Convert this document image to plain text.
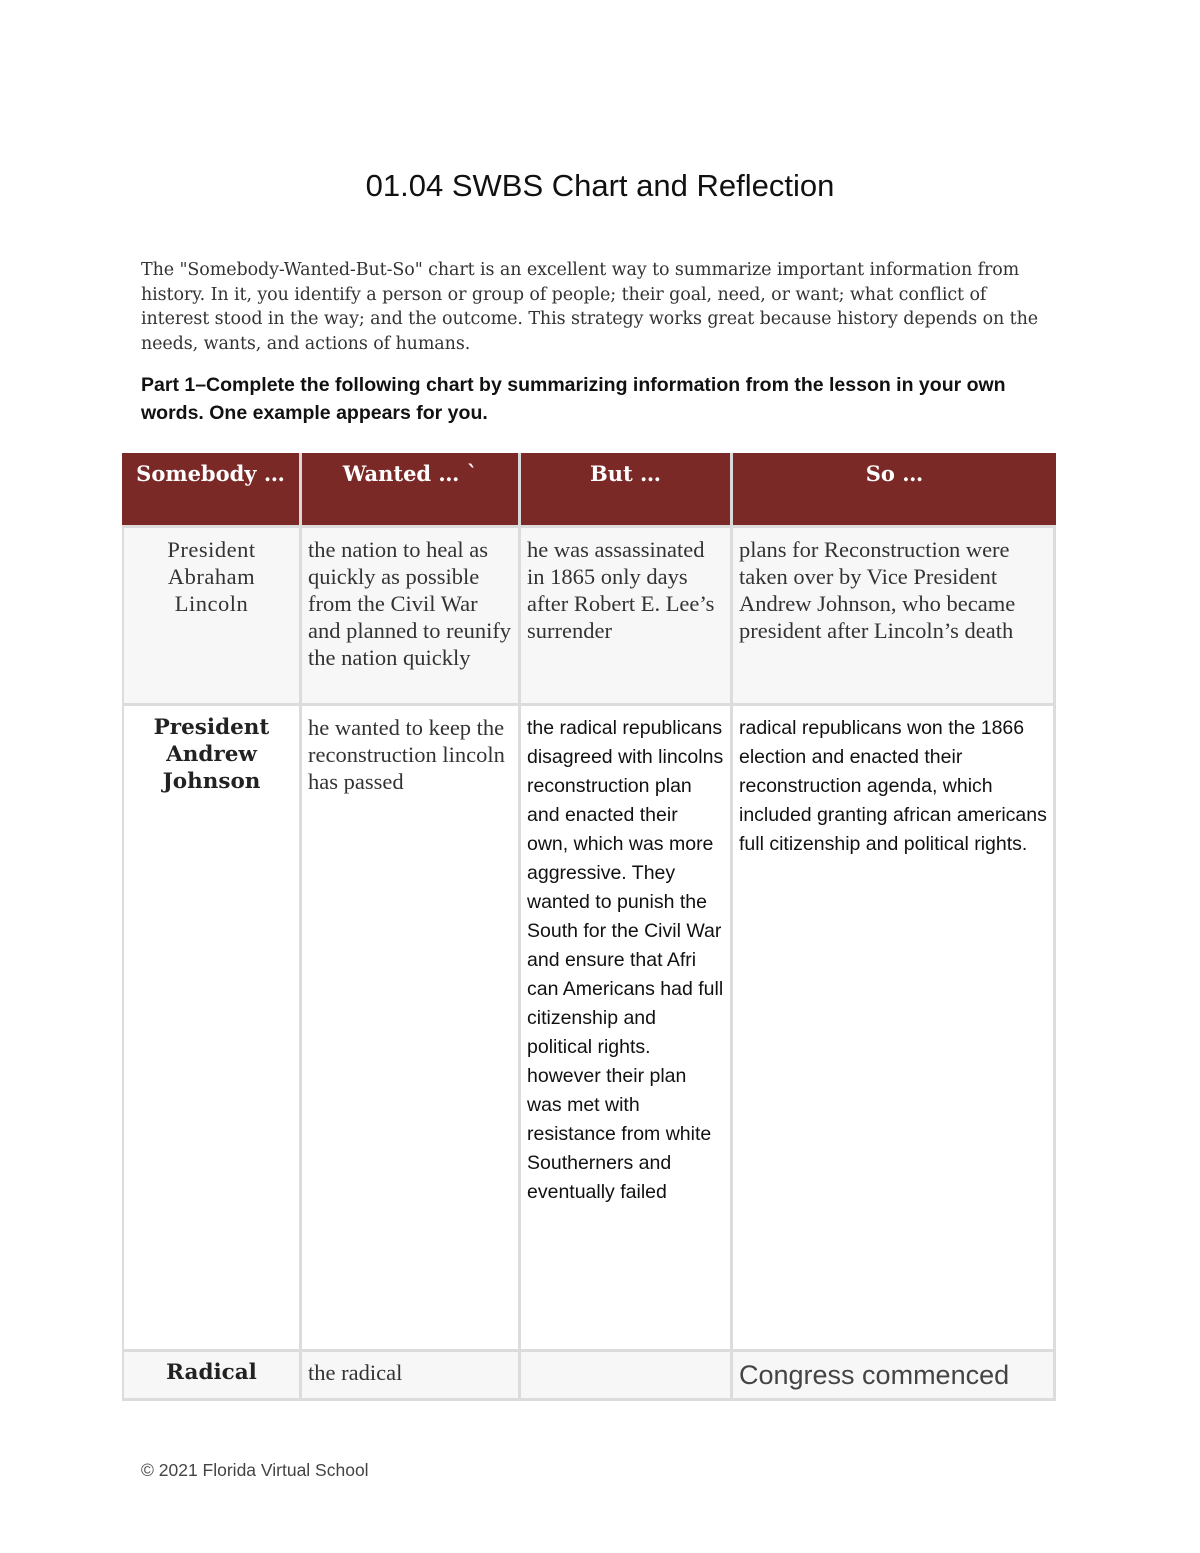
01.04 SWBS Chart and Reflection
The "Somebody-Wanted-But-So" chart is an excellent way to summarize important information from history. In it, you identify a person or group of people; their goal, need, or want; what conflict of interest stood in the way; and the outcome. This strategy works great because history depends on the needs, wants, and actions of humans.
Part 1–Complete the following chart by summarizing information from the lesson in your own words. One example appears for you.
Somebody …	Wanted … `	But …	So …
President Abraham Lincoln	the nation to heal as quickly as possible from the Civil War and planned to reunify the nation quickly	he was assassinated in 1865 only days after Robert E. Lee’s surrender	plans for Reconstruction were taken over by Vice President Andrew Johnson, who became president after Lincoln’s death
President Andrew Johnson	he wanted to keep the reconstruction lincoln has passed	the radical republicans disagreed with lincolns reconstruction plan and enacted their own, which was more aggressive. They wanted to punish the South for the Civil War and ensure that Afri can Americans had full citizenship and political rights. however their plan was met with resistance from white Southerners and eventually failed	radical republicans won the 1866 election and enacted their reconstruction agenda, which included granting african americans full citizenship and political rights.
Radical	the radical		Congress commenced
© 2021 Florida Virtual School
